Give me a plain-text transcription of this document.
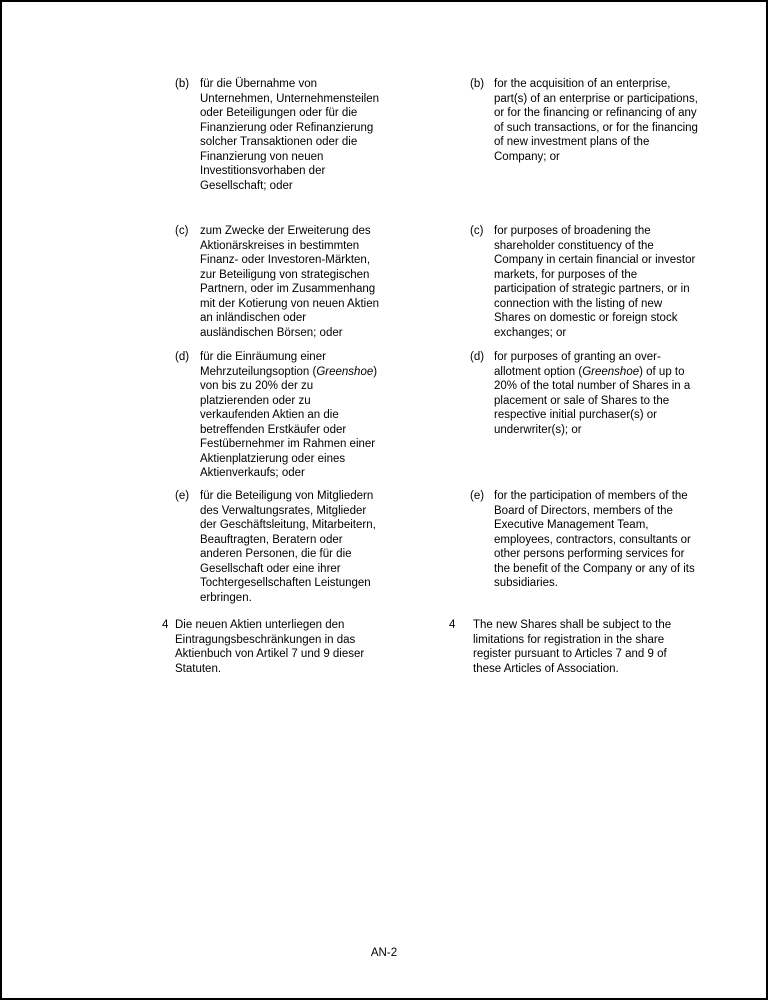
(b) für die Übernahme von Unternehmen, Unternehmensteilen oder Beteiligungen oder für die Finanzierung oder Refinanzierung solcher Transaktionen oder die Finanzierung von neuen Investitionsvorhaben der Gesellschaft; oder
(b) for the acquisition of an enterprise, part(s) of an enterprise or participations, or for the financing or refinancing of any of such transactions, or for the financing of new investment plans of the Company; or
(c)	zum Zwecke der Erweiterung des Aktionärskreises in bestimmten Finanz- oder Investoren-Märkten, zur Beteiligung von strategischen Partnern, oder im Zusammenhang mit der Kotierung von neuen Aktien an inländischen oder ausländischen Börsen; oder
(c) for purposes of broadening the shareholder constituency of the Company in certain financial or investor markets, for purposes of the participation of strategic partners, or in connection with the listing of new Shares on domestic or foreign stock exchanges; or
(d) für die Einräumung einer Mehrzuteilungsoption (Greenshoe) von bis zu 20% der zu platzierenden oder zu verkaufenden Aktien an die betreffenden Erstkäufer oder Festübernehmer im Rahmen einer Aktienplatzierung oder eines Aktienverkaufs; oder
(d) for purposes of granting an over-allotment option (Greenshoe) of up to 20% of the total number of Shares in a placement or sale of Shares to the respective initial purchaser(s) or underwriter(s); or
(e) für die Beteiligung von Mitgliedern des Verwaltungsrates, Mitglieder der Geschäftsleitung, Mitarbeitern, Beauftragten, Beratern oder anderen Personen, die für die Gesellschaft oder eine ihrer Tochtergesellschaften Leistungen erbringen.
(e) for the participation of members of the Board of Directors, members of the Executive Management Team, employees, contractors, consultants or other persons performing services for the benefit of the Company or any of its subsidiaries.
4 Die neuen Aktien unterliegen den Eintragungsbeschränkungen in das Aktienbuch von Artikel 7 und 9 dieser Statuten.
4	The new Shares shall be subject to the limitations for registration in the share register pursuant to Articles 7 and 9 of these Articles of Association.
AN-2
